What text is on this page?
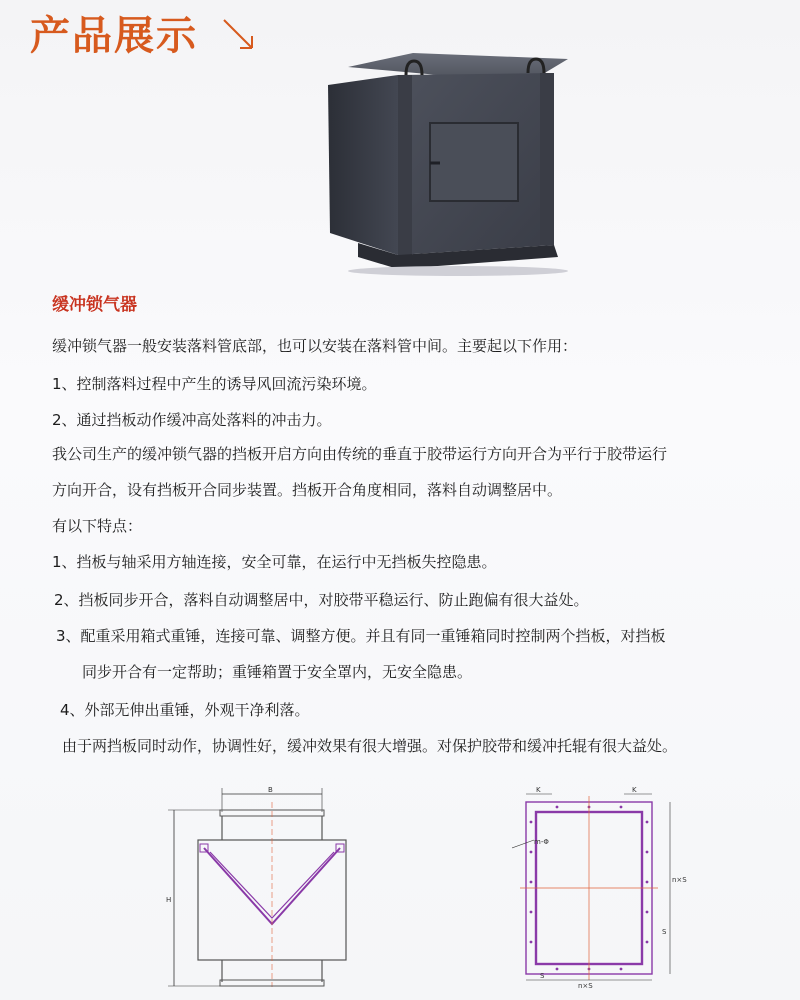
产品展示
缓冲锁气器
缓冲锁气器一般安装落料管底部，也可以安装在落料管中间。主要起以下作用：
1、控制落料过程中产生的诱导风回流污染环境。
2、通过挡板动作缓冲高处落料的冲击力。
我公司生产的缓冲锁气器的挡板开启方向由传统的垂直于胶带运行方向开合为平行于胶带运行
方向开合，设有挡板开合同步装置。挡板开合角度相同，落料自动调整居中。
有以下特点：
1、挡板与轴采用方轴连接，安全可靠，在运行中无挡板失控隐患。
2、挡板同步开合，落料自动调整居中，对胶带平稳运行、防止跑偏有很大益处。
3、配重采用箱式重锤，连接可靠、调整方便。并且有同一重锤箱同时控制两个挡板，对挡板
同步开合有一定帮助；重锤箱置于安全罩内，无安全隐患。
4、外部无伸出重锤，外观干净利落。
由于两挡板同时动作，协调性好，缓冲效果有很大增强。对保护胶带和缓冲托辊有很大益处。
B
H
K	K
m-Φ
n×S
S
S
n×S
